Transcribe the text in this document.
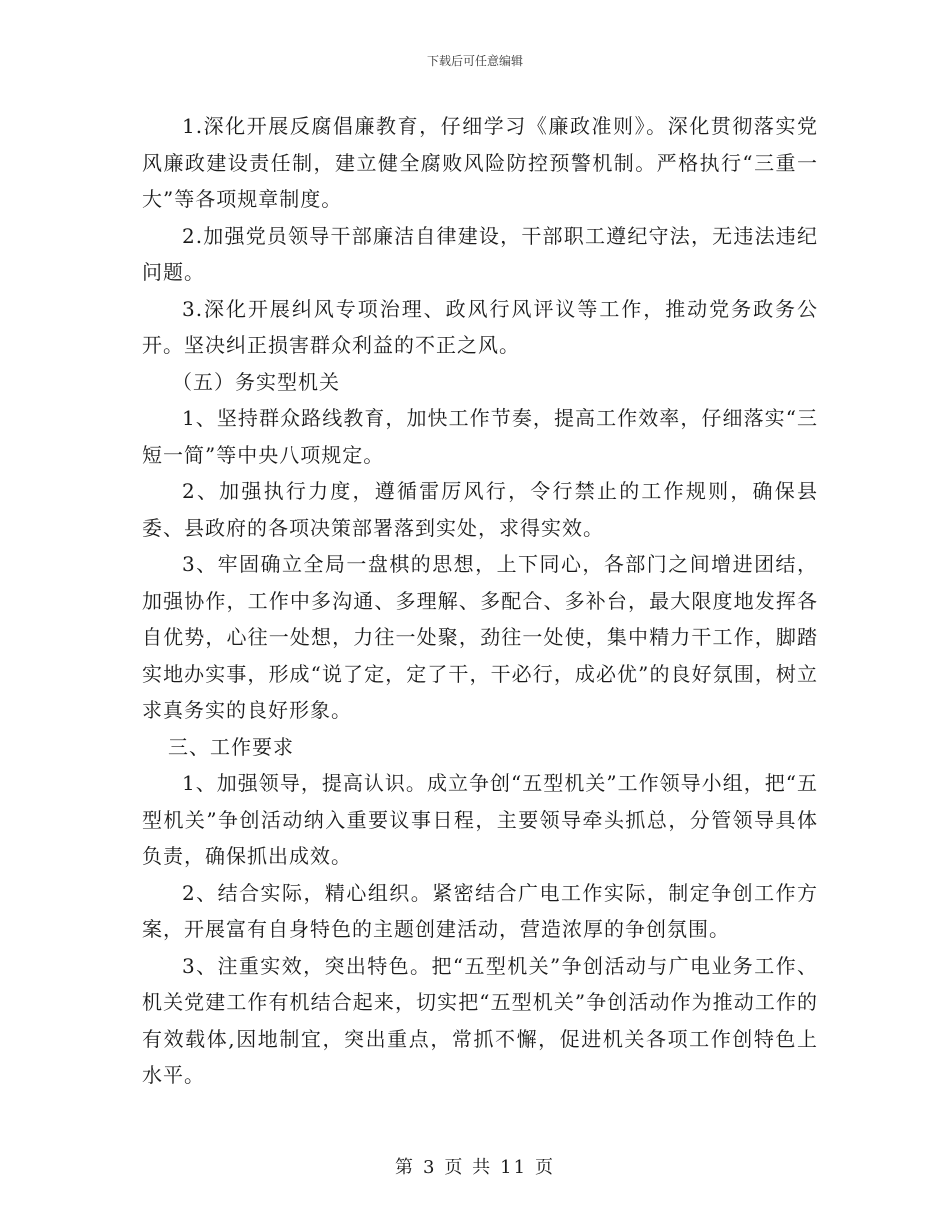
下载后可任意编辑

1.深化开展反腐倡廉教育，仔细学习《廉政准则》。深化贯彻落实党风廉政建设责任制，建立健全腐败风险防控预警机制。严格执行“三重一大”等各项规章制度。

2.加强党员领导干部廉洁自律建设，干部职工遵纪守法，无违法违纪问题。

3.深化开展纠风专项治理、政风行风评议等工作，推动党务政务公开。坚决纠正损害群众利益的不正之风。

（五）务实型机关

1、坚持群众路线教育，加快工作节奏，提高工作效率，仔细落实“三短一简”等中央八项规定。

2、加强执行力度，遵循雷厉风行，令行禁止的工作规则，确保县委、县政府的各项决策部署落到实处，求得实效。

3、牢固确立全局一盘棋的思想，上下同心，各部门之间增进团结，加强协作，工作中多沟通、多理解、多配合、多补台，最大限度地发挥各自优势，心往一处想，力往一处聚，劲往一处使，集中精力干工作，脚踏实地办实事，形成“说了定，定了干，干必行，成必优”的良好氛围，树立求真务实的良好形象。

三、工作要求

1、加强领导，提高认识。成立争创“五型机关”工作领导小组，把“五型机关”争创活动纳入重要议事日程，主要领导牵头抓总，分管领导具体负责，确保抓出成效。

2、结合实际，精心组织。紧密结合广电工作实际，制定争创工作方案，开展富有自身特色的主题创建活动，营造浓厚的争创氛围。

3、注重实效，突出特色。把“五型机关”争创活动与广电业务工作、机关党建工作有机结合起来，切实把“五型机关”争创活动作为推动工作的有效载体,因地制宜，突出重点，常抓不懈，促进机关各项工作创特色上水平。

第 3 页 共 11 页
